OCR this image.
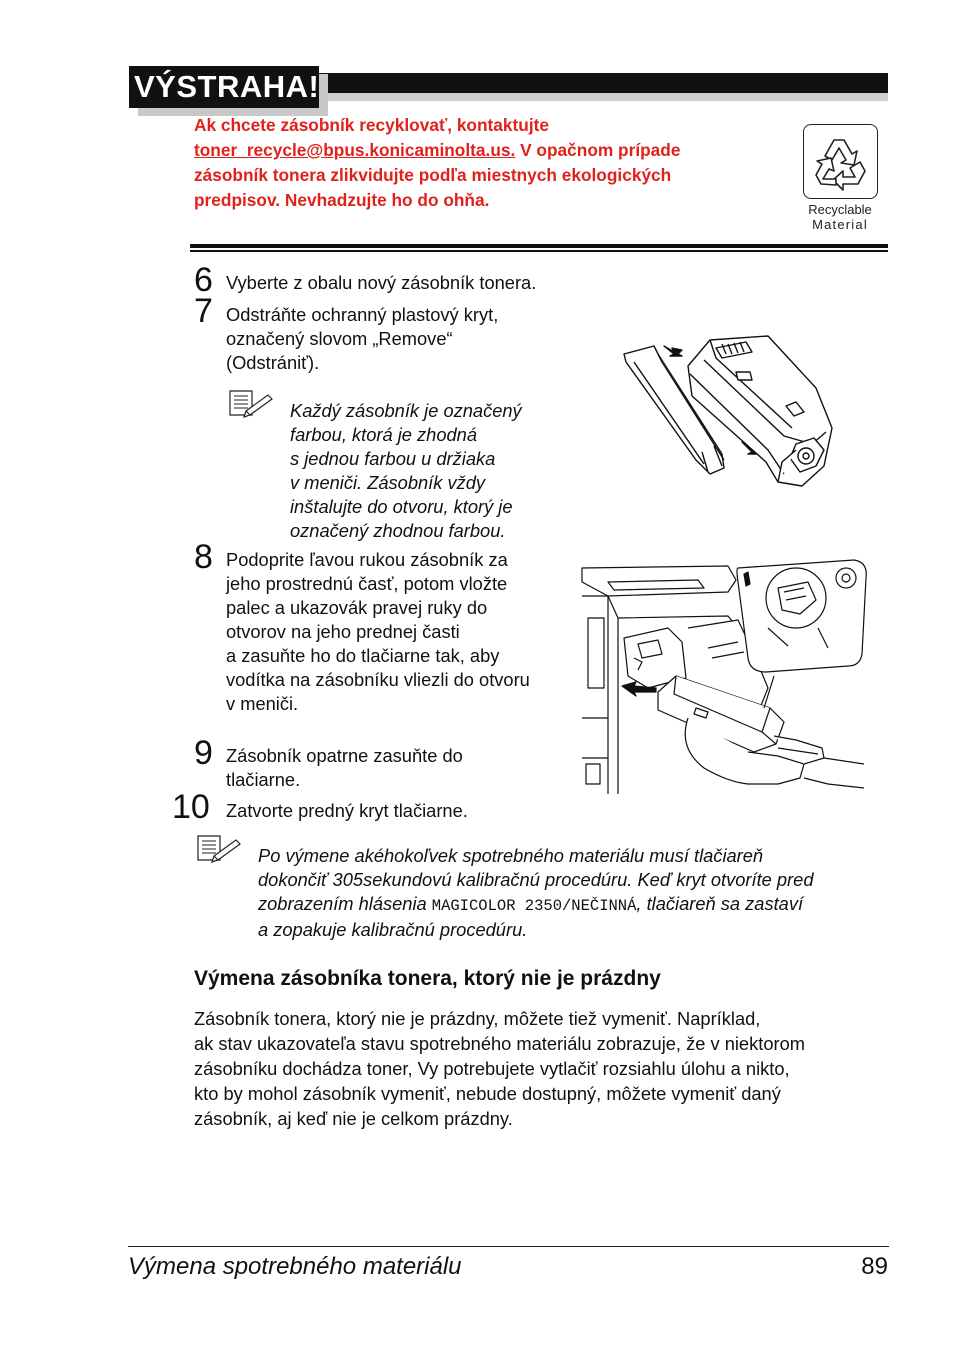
VÝSTRAHA!
Ak chcete zásobník recyklovať, kontaktujte
toner_recycle@bpus.konicaminolta.us. V opačnom prípade
zásobník tonera zlikvidujte podľa miestnych ekologických
predpisov. Nevhadzujte ho do ohňa.	Recyclable
Material
6 Vyberte z obalu nový zásobník tonera.
7 Odstráňte ochranný plastový kryt,
označený slovom „Remove“
(Odstrániť).
Každý zásobník je označený
farbou, ktorá je zhodná
s jednou farbou u držiaka
v meniči. Zásobník vždy
inštalujte do otvoru, ktorý je
označený zhodnou farbou.
8 Podoprite ľavou rukou zásobník za
jeho prostrednú časť, potom vložte
palec a ukazovák pravej ruky do
otvorov na jeho prednej časti
a zasuňte ho do tlačiarne tak, aby
vodítka na zásobníku vliezli do otvoru
v meniči.
9 Zásobník opatrne zasuňte do
tlačiarne.
10 Zatvorte predný kryt tlačiarne.
Po výmene akéhokoľvek spotrebného materiálu musí tlačiareň
dokončiť 305sekundovú kalibračnú procedúru. Keď kryt otvoríte pred
zobrazením hlásenia MAGICOLOR 2350/NEČINNÁ, tlačiareň sa zastaví
a zopakuje kalibračnú procedúru.
Výmena zásobníka tonera, ktorý nie je prázdny
Zásobník tonera, ktorý nie je prázdny, môžete tiež vymeniť. Napríklad,
ak stav ukazovateľa stavu spotrebného materiálu zobrazuje, že v niektorom
zásobníku dochádza toner, Vy potrebujete vytlačiť rozsiahlu úlohu a nikto,
kto by mohol zásobník vymeniť, nebude dostupný, môžete vymeniť daný
zásobník, aj keď nie je celkom prázdny.
Výmena spotrebného materiálu	89
